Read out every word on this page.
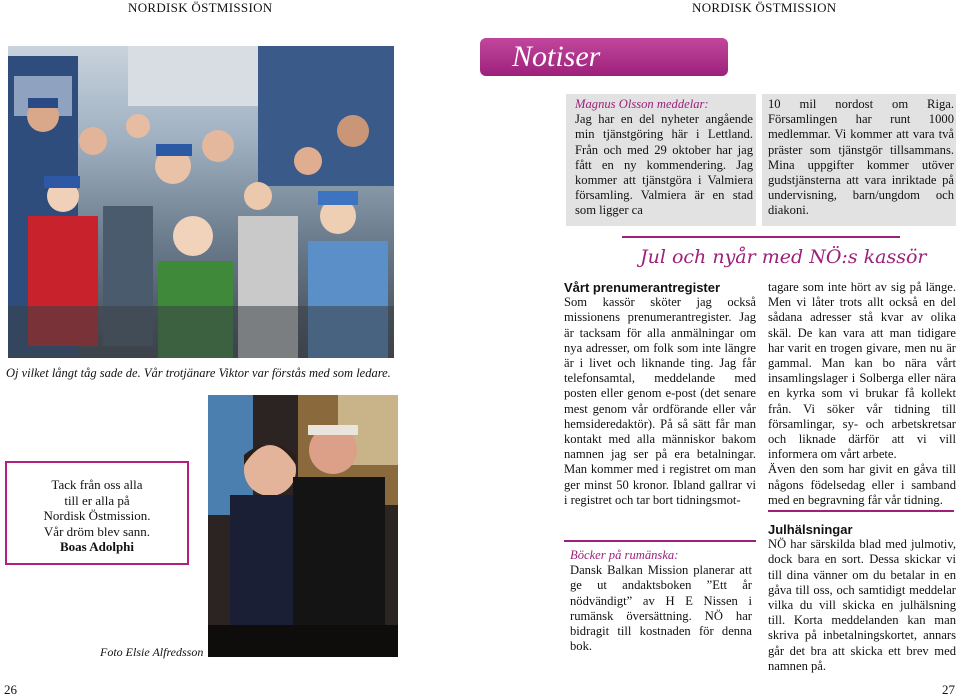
NORDISK ÖSTMISSION	NORDISK ÖSTMISSION
Oj vilket långt tåg sade de. Vår trotjänare Viktor var förstås med som ledare.
Tack från oss alla
till er alla på
Nordisk Östmission.
Vår dröm blev sann.
Boas Adolphi
Foto Elsie Alfredsson
26	27
Notiser
Magnus Olsson meddelar:
Jag har en del nyheter angående min tjänstgöring här i Lettland. Från och med 29 oktober har jag fått en ny kommendering. Jag kommer att tjänstgöra i Valmiera församling. Valmiera är en stad som ligger ca
10 mil nordost om Riga. Församlingen har runt 1000 medlemmar. Vi kommer att vara två präster som tjänstgör tillsammans. Mina uppgifter kommer utöver gudstjänsterna att vara inriktade på undervisning, barn/ungdom och diakoni.
Jul och nyår med NÖ:s kassör
Vårt prenumerantregister
Som kassör sköter jag också missionens prenumerantregister. Jag är tacksam för alla anmälningar om nya adresser, om folk som inte längre är i livet och liknande ting. Jag får telefonsamtal, meddelande med posten eller genom e-post (det senare mest genom vår ordförande eller vår hemsideredaktör). På så sätt får man kontakt med alla människor bakom namnen jag ser på era betalningar. Man kommer med i registret om man ger minst 50 kronor. Ibland gallrar vi i registret och tar bort tidningsmot-
tagare som inte hört av sig på länge. Men vi låter trots allt också en del sådana adresser stå kvar av olika skäl. De kan vara att man tidigare har varit en trogen givare, men nu är gammal. Man kan bo nära vårt insamlingslager i Solberga eller nära en kyrka som vi brukar få kollekt från. Vi söker vår tidning till församlingar, sy- och arbetskretsar och liknade därför att vi vill informera om vårt arbete.
Även den som har givit en gåva till någons födelsedag eller i samband med en begravning får vår tidning.
Böcker på rumänska:
Dansk Balkan Mission planerar att ge ut andaktsboken ”Ett år nödvändigt” av H E Nissen i rumänsk översättning. NÖ har bidragit till kostnaden för denna bok.
Julhälsningar
NÖ har särskilda blad med julmotiv, dock bara en sort. Dessa skickar vi till dina vänner om du betalar in en gåva till oss, och samtidigt meddelar vilka du vill skicka en julhälsning till. Korta meddelanden kan man skriva på inbetalningskortet, annars går det bra att skicka ett brev med namnen på.
